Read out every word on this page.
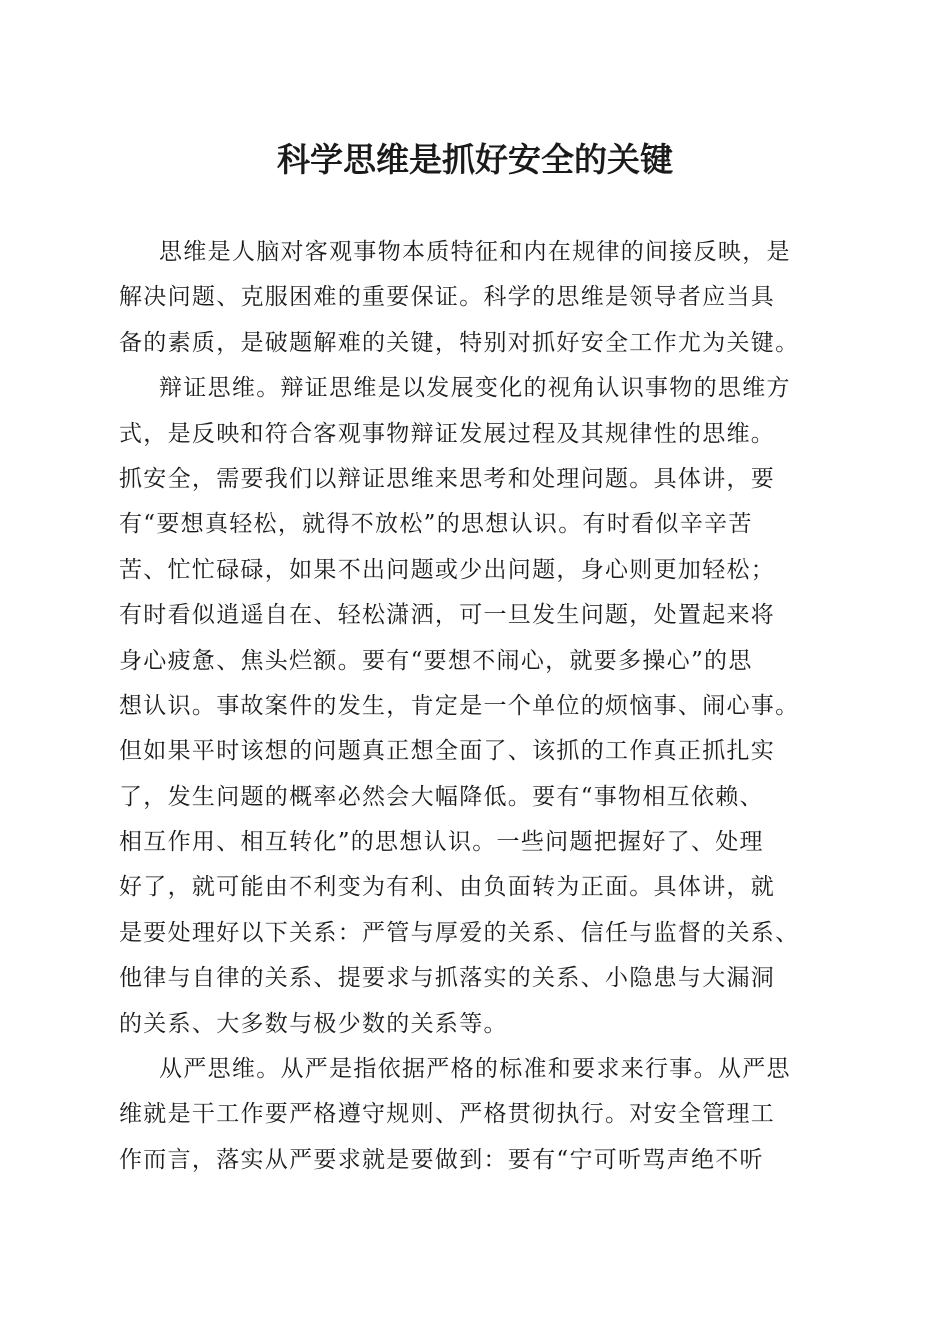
科学思维是抓好安全的关键
思维是人脑对客观事物本质特征和内在规律的间接反映，是
解决问题、克服困难的重要保证。科学的思维是领导者应当具
备的素质，是破题解难的关键，特别对抓好安全工作尤为关键。
辩证思维。辩证思维是以发展变化的视角认识事物的思维方
式，是反映和符合客观事物辩证发展过程及其规律性的思维。
抓安全，需要我们以辩证思维来思考和处理问题。具体讲，要
有“要想真轻松，就得不放松”的思想认识。有时看似辛辛苦
苦、忙忙碌碌，如果不出问题或少出问题，身心则更加轻松；
有时看似逍遥自在、轻松潇洒，可一旦发生问题，处置起来将
身心疲惫、焦头烂额。要有“要想不闹心，就要多操心”的思
想认识。事故案件的发生，肯定是一个单位的烦恼事、闹心事。
但如果平时该想的问题真正想全面了、该抓的工作真正抓扎实
了，发生问题的概率必然会大幅降低。要有“事物相互依赖、
相互作用、相互转化”的思想认识。一些问题把握好了、处理
好了，就可能由不利变为有利、由负面转为正面。具体讲，就
是要处理好以下关系：严管与厚爱的关系、信任与监督的关系、
他律与自律的关系、提要求与抓落实的关系、小隐患与大漏洞
的关系、大多数与极少数的关系等。
从严思维。从严是指依据严格的标准和要求来行事。从严思
维就是干工作要严格遵守规则、严格贯彻执行。对安全管理工
作而言，落实从严要求就是要做到：要有“宁可听骂声绝不听
